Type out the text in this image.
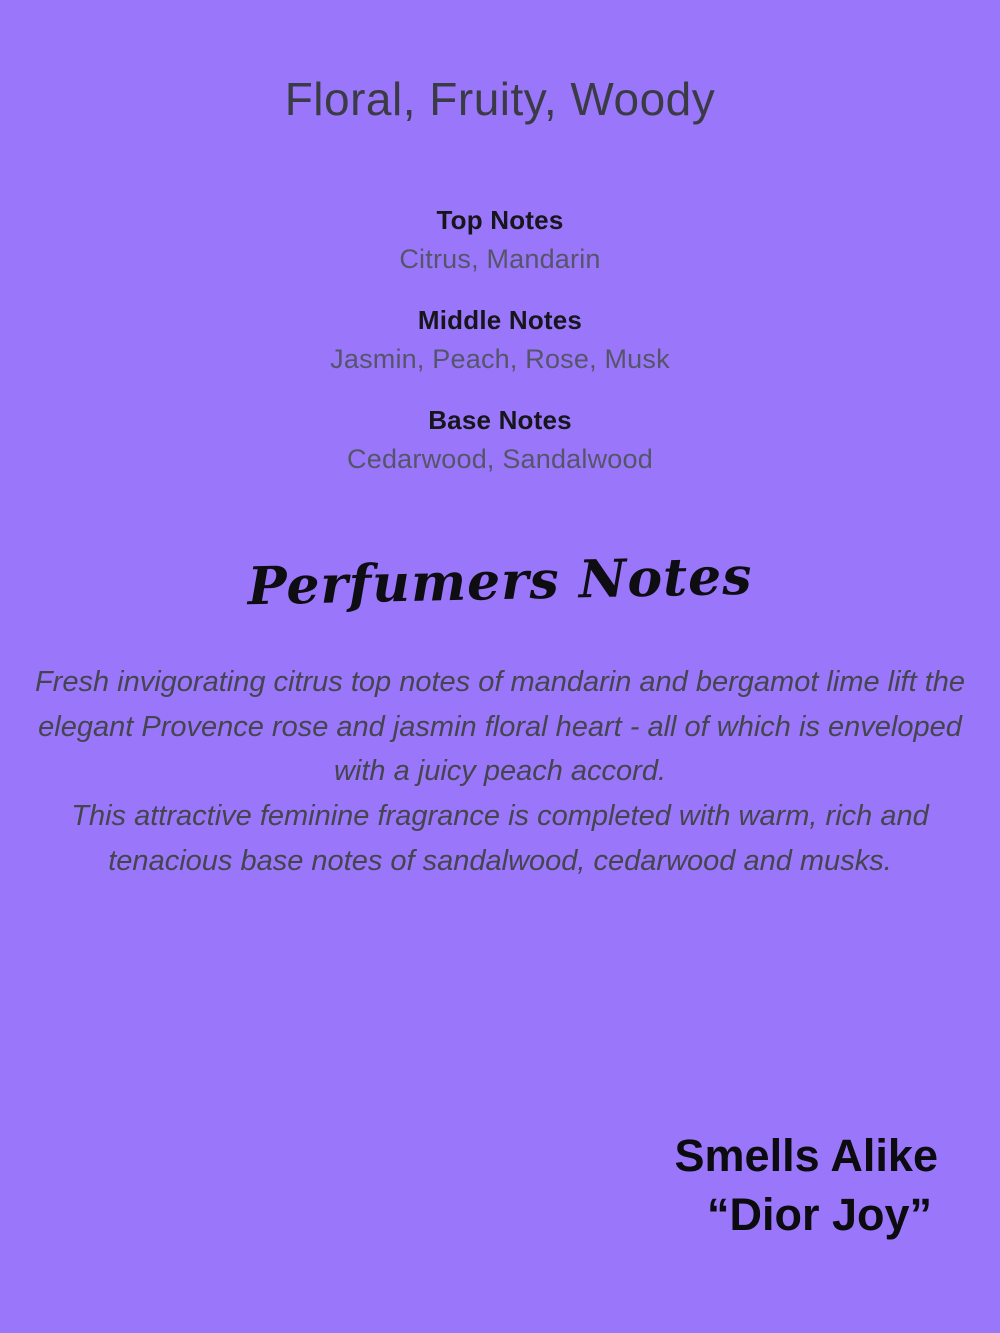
Floral, Fruity, Woody
Top Notes
Citrus, Mandarin
Middle Notes
Jasmin, Peach, Rose, Musk
Base Notes
Cedarwood, Sandalwood
Perfumers Notes

Fresh invigorating citrus top notes of mandarin and bergamot lime lift the elegant Provence rose and jasmin floral heart - all of which is enveloped with a juicy peach accord.

This attractive feminine fragrance is completed with warm, rich and tenacious base notes of sandalwood, cedarwood and musks.

Smells Alike
“Dior Joy”
